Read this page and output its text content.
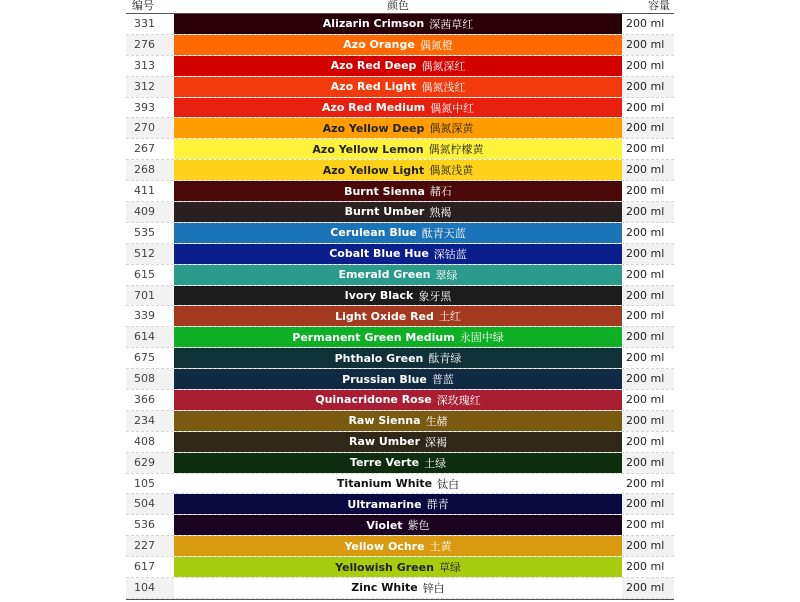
编号	颜色	容量
331	Alizarin Crimson 深茜草红	200 ml
276	Azo Orange 偶氮橙	200 ml
313	Azo Red Deep 偶氮深红	200 ml
312	Azo Red Light 偶氮浅红	200 ml
393	Azo Red Medium 偶氮中红	200 ml
270	Azo Yellow Deep 偶氮深黄	200 ml
267	Azo Yellow Lemon 偶氮柠檬黄	200 ml
268	Azo Yellow Light 偶氮浅黄	200 ml
411	Burnt Sienna 赭石	200 ml
409	Burnt Umber 熟褐	200 ml
535	Cerulean Blue 酞青天蓝	200 ml
512	Cobalt Blue Hue 深钴蓝	200 ml
615	Emerald Green 翠绿	200 ml
701	Ivory Black 象牙黑	200 ml
339	Light Oxide Red 土红	200 ml
614	Permanent Green Medium 永固中绿	200 ml
675	Phthalo Green 酞青绿	200 ml
508	Prussian Blue 普蓝	200 ml
366	Quinacridone Rose 深玫瑰红	200 ml
234	Raw Sienna 生赭	200 ml
408	Raw Umber 深褐	200 ml
629	Terre Verte 土绿	200 ml
105	Titanium White 钛白	200 ml
504	Ultramarine 群青	200 ml
536	Violet 紫色	200 ml
227	Yellow Ochre 土黄	200 ml
617	Yellowish Green 草绿	200 ml
104	Zinc White 锌白	200 ml
